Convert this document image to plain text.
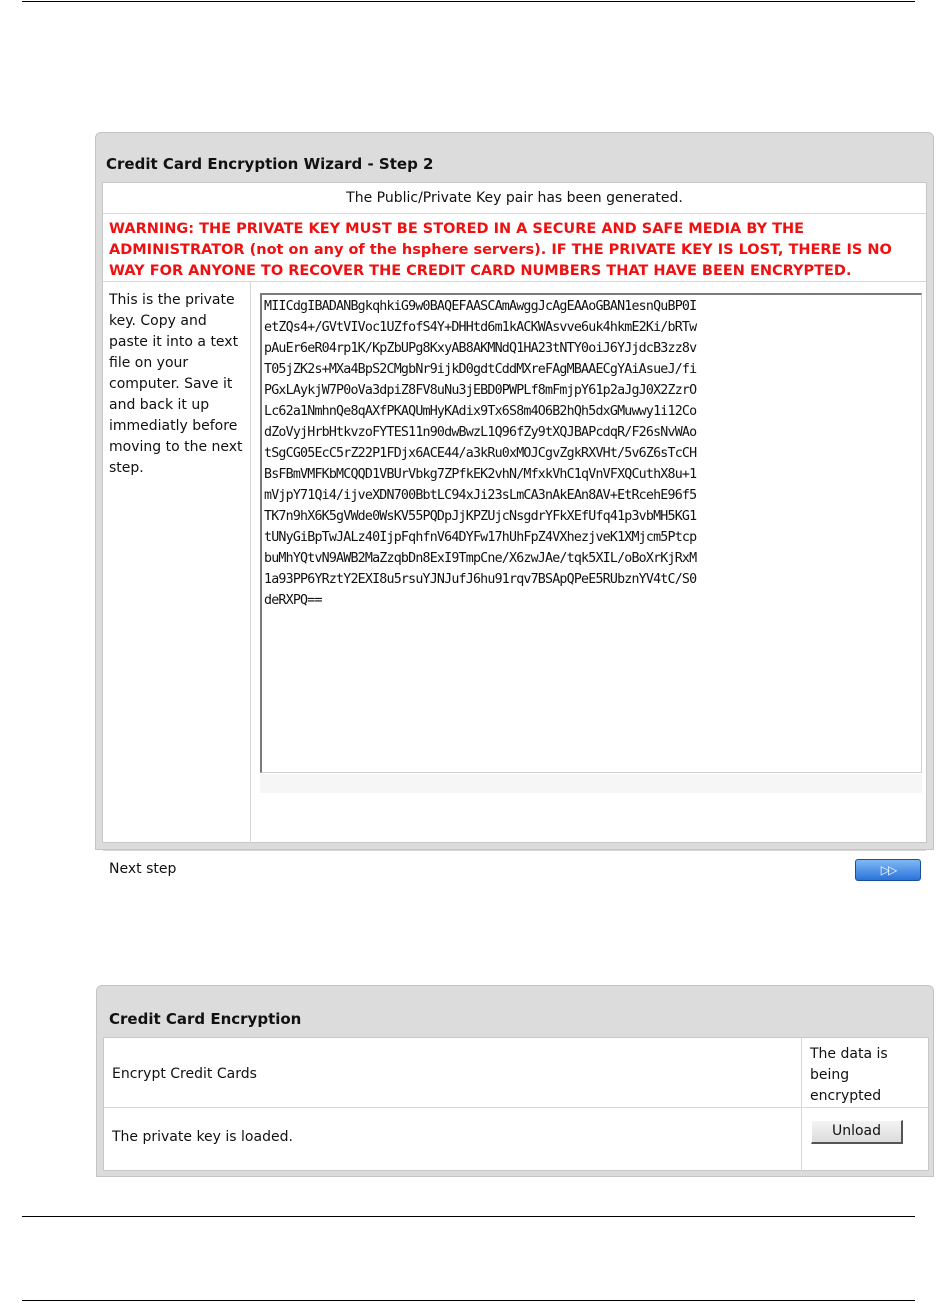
Credit Card Encryption Wizard - Step 2
The Public/Private Key pair has been generated.
WARNING: THE PRIVATE KEY MUST BE STORED IN A SECURE AND SAFE MEDIA BY THE ADMINISTRATOR (not on any of the hsphere servers). IF THE PRIVATE KEY IS LOST, THERE IS NO WAY FOR ANYONE TO RECOVER THE CREDIT CARD NUMBERS THAT HAVE BEEN ENCRYPTED.
This is the private key. Copy and paste it into a text file on your computer. Save it and back it up immediatly before moving to the next step.
MIICdgIBADANBgkqhkiG9w0BAQEFAASCAmAwggJcAgEAAoGBAN1esnQuBP0I
etZQs4+/GVtVIVoc1UZfofS4Y+DHHtd6m1kACKWAsvve6uk4hkmE2Ki/bRTw
pAuEr6eR04rp1K/KpZbUPg8KxyAB8AKMNdQ1HA23tNTY0oiJ6YJjdcB3zz8v
T05jZK2s+MXa4BpS2CMgbNr9ijkD0gdtCddMXreFAgMBAAECgYAiAsueJ/fi
PGxLAykjW7P0oVa3dpiZ8FV8uNu3jEBD0PWPLf8mFmjpY61p2aJgJ0X2ZzrO
Lc62a1NmhnQe8qAXfPKAQUmHyKAdix9Tx6S8m4O6B2hQh5dxGMuwwy1i12Co
dZoVyjHrbHtkvzoFYTES11n90dwBwzL1Q96fZy9tXQJBAPcdqR/F26sNvWAo
tSgCG05EcC5rZ22P1FDjx6ACE44/a3kRu0xMOJCgvZgkRXVHt/5v6Z6sTcCH
BsFBmVMFKbMCQQD1VBUrVbkg7ZPfkEK2vhN/MfxkVhC1qVnVFXQCuthX8u+1
mVjpY71Qi4/ijveXDN700BbtLC94xJi23sLmCA3nAkEAn8AV+EtRcehE96f5
TK7n9hX6K5gVWde0WsKV55PQDpJjKPZUjcNsgdrYFkXEfUfq41p3vbMH5KG1
tUNyGiBpTwJALz40IjpFqhfnV64DYFw17hUhFpZ4VXhezjveK1XMjcm5Ptcp
buMhYQtvN9AWB2MaZzqbDn8ExI9TmpCne/X6zwJAe/tqk5XIL/oBoXrKjRxM
1a93PP6YRztY2EXI8u5rsuYJNJufJ6hu91rqv7BSApQPeE5RUbznYV4tC/S0
deRXPQ==
Next step	▷▷
Credit Card Encryption
Encrypt Credit Cards
The data is being encrypted
The private key is loaded.	Unload
